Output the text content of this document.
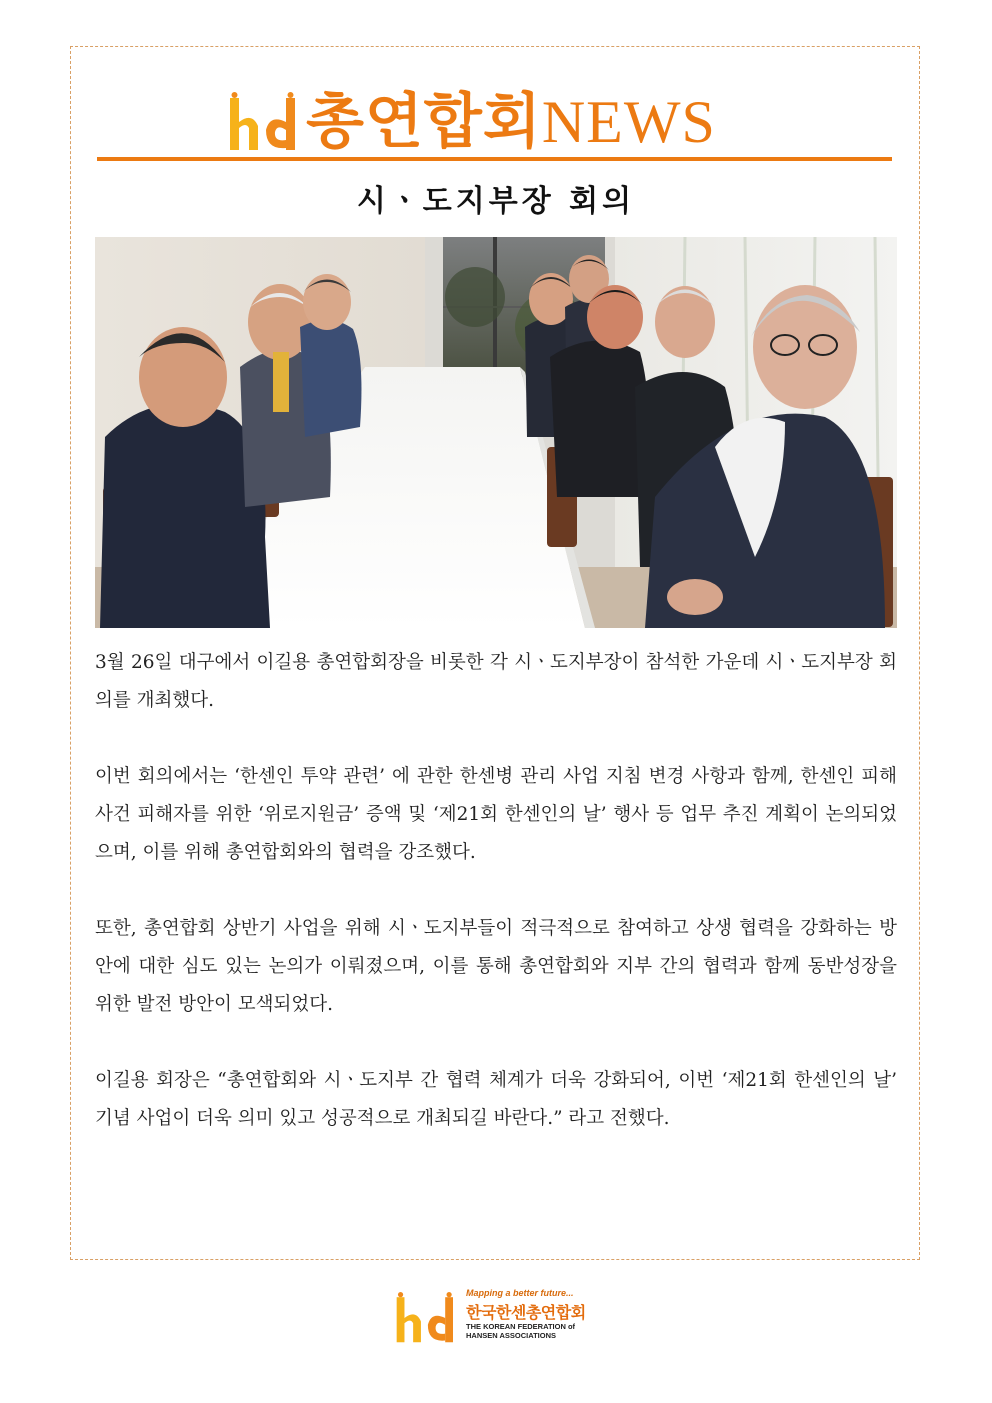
총연합회NEWS
시ㆍ도지부장 회의

3월 26일 대구에서 이길용 총연합회장을 비롯한 각 시ㆍ도지부장이 참석한 가운데 시ㆍ도지부장 회의를 개최했다.

이번 회의에서는 ‘한센인 투약 관련’ 에 관한 한센병 관리 사업 지침 변경 사항과 함께, 한센인 피해사건 피해자를 위한 ‘위로지원금’ 증액 및 ‘제21회 한센인의 날’ 행사 등 업무 추진 계획이 논의되었으며, 이를 위해 총연합회와의 협력을 강조했다.

또한, 총연합회 상반기 사업을 위해 시ㆍ도지부들이 적극적으로 참여하고 상생 협력을 강화하는 방안에 대한 심도 있는 논의가 이뤄졌으며, 이를 통해 총연합회와 지부 간의 협력과 함께 동반성장을 위한 발전 방안이 모색되었다.

이길용 회장은 “총연합회와 시ㆍ도지부 간 협력 체계가 더욱 강화되어, 이번 ‘제21회 한센인의 날’ 기념 사업이 더욱 의미 있고 성공적으로 개최되길 바란다.” 라고 전했다.

Mapping a better future...
한국한센총연합회
THE KOREAN FEDERATION of
HANSEN ASSOCIATIONS
